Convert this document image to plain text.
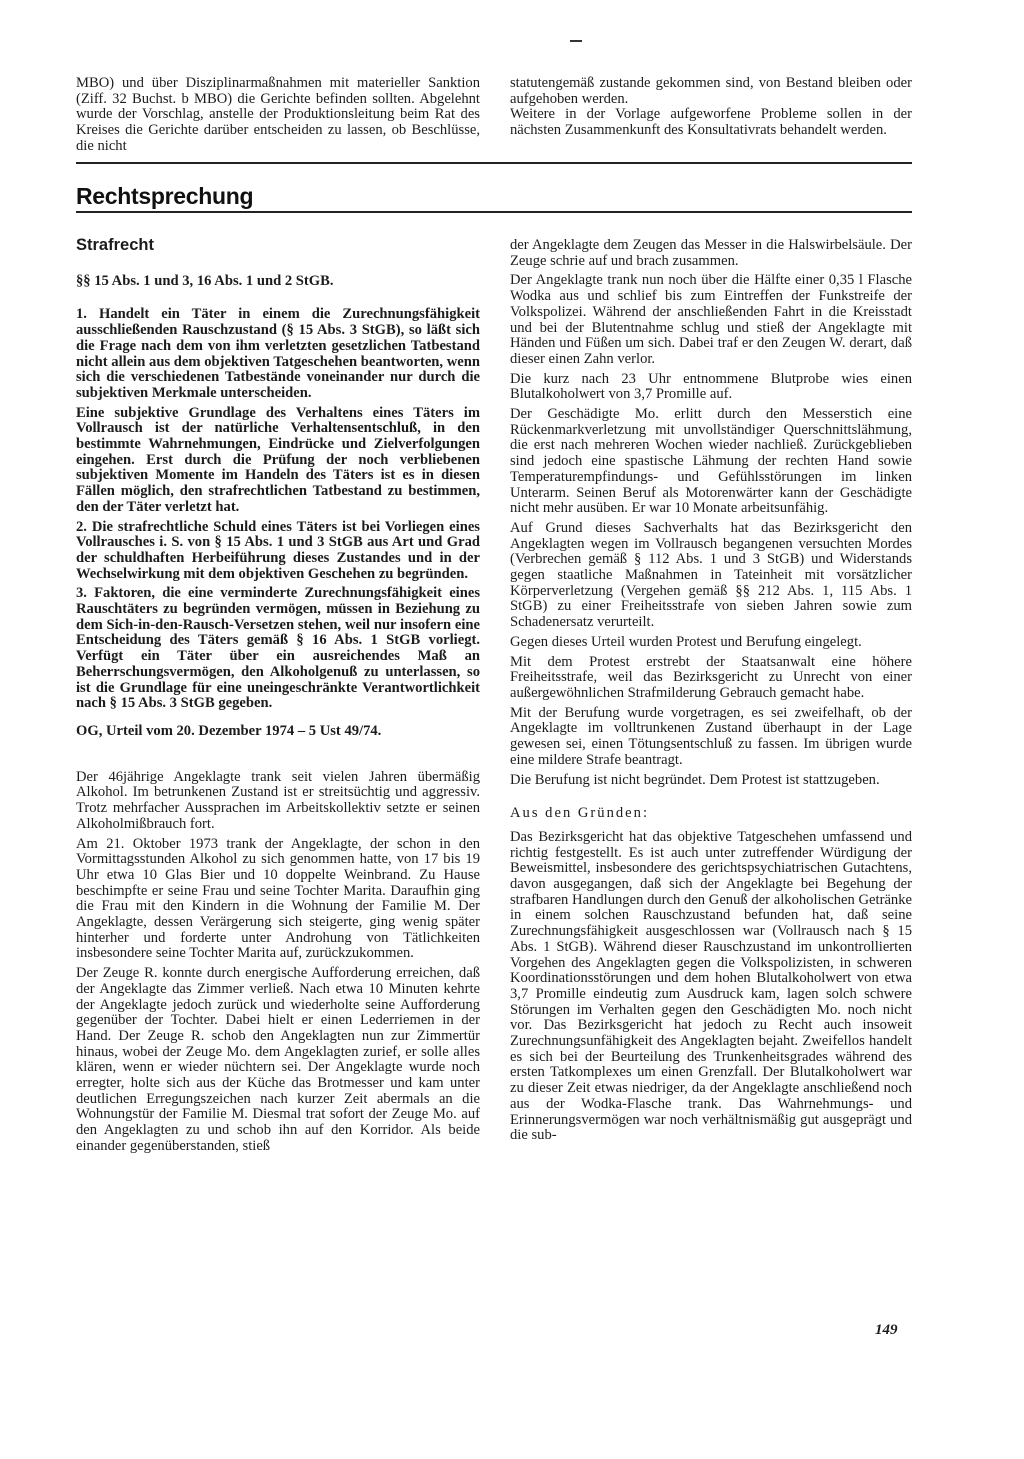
MBO) und über Disziplinarmaßnahmen mit materieller Sanktion (Ziff. 32 Buchst. b MBO) die Gerichte befinden sollten. Abgelehnt wurde der Vorschlag, anstelle der Produktionsleitung beim Rat des Kreises die Gerichte darüber entscheiden zu lassen, ob Beschlüsse, die nicht

statutengemäß zustande gekommen sind, von Bestand bleiben oder aufgehoben werden.

Weitere in der Vorlage aufgeworfene Probleme sollen in der nächsten Zusammenkunft des Konsultativrats behandelt werden.

Rechtsprechung
Strafrecht

§§ 15 Abs. 1 und 3, 16 Abs. 1 und 2 StGB.

1. Handelt ein Täter in einem die Zurechnungsfähigkeit ausschließenden Rauschzustand (§ 15 Abs. 3 StGB), so läßt sich die Frage nach dem von ihm verletzten gesetzlichen Tatbestand nicht allein aus dem objektiven Tatgeschehen beantworten, wenn sich die verschiedenen Tatbestände voneinander nur durch die subjektiven Merkmale unterscheiden.

Eine subjektive Grundlage des Verhaltens eines Täters im Vollrausch ist der natürliche Verhaltensentschluß, in den bestimmte Wahrnehmungen, Eindrücke und Zielverfolgungen eingehen. Erst durch die Prüfung der noch verbliebenen subjektiven Momente im Handeln des Täters ist es in diesen Fällen möglich, den strafrechtlichen Tatbestand zu bestimmen, den der Täter verletzt hat.

2. Die strafrechtliche Schuld eines Täters ist bei Vorliegen eines Vollrausches i. S. von § 15 Abs. 1 und 3 StGB aus Art und Grad der schuldhaften Herbeiführung dieses Zustandes und in der Wechselwirkung mit dem objektiven Geschehen zu begründen.

3. Faktoren, die eine verminderte Zurechnungsfähigkeit eines Rauschtäters zu begründen vermögen, müssen in Beziehung zu dem Sich-in-den-Rausch-Versetzen stehen, weil nur insofern eine Entscheidung des Täters gemäß § 16 Abs. 1 StGB vorliegt. Verfügt ein Täter über ein ausreichendes Maß an Beherrschungsvermögen, den Alkoholgenuß zu unterlassen, so ist die Grundlage für eine uneingeschränkte Verantwortlichkeit nach § 15 Abs. 3 StGB gegeben.

OG, Urteil vom 20. Dezember 1974 – 5 Ust 49/74.

Der 46jährige Angeklagte trank seit vielen Jahren übermäßig Alkohol. Im betrunkenen Zustand ist er streitsüchtig und aggressiv. Trotz mehrfacher Aussprachen im Arbeitskollektiv setzte er seinen Alkoholmißbrauch fort.

Am 21. Oktober 1973 trank der Angeklagte, der schon in den Vormittagsstunden Alkohol zu sich genommen hatte, von 17 bis 19 Uhr etwa 10 Glas Bier und 10 doppelte Weinbrand. Zu Hause beschimpfte er seine Frau und seine Tochter Marita. Daraufhin ging die Frau mit den Kindern in die Wohnung der Familie M. Der Angeklagte, dessen Verärgerung sich steigerte, ging wenig später hinterher und forderte unter Androhung von Tätlichkeiten insbesondere seine Tochter Marita auf, zurückzukommen.

Der Zeuge R. konnte durch energische Aufforderung erreichen, daß der Angeklagte das Zimmer verließ. Nach etwa 10 Minuten kehrte der Angeklagte jedoch zurück und wiederholte seine Aufforderung gegenüber der Tochter. Dabei hielt er einen Lederriemen in der Hand. Der Zeuge R. schob den Angeklagten nun zur Zimmertür hinaus, wobei der Zeuge Mo. dem Angeklagten zurief, er solle alles klären, wenn er wieder nüchtern sei. Der Angeklagte wurde noch erregter, holte sich aus der Küche das Brotmesser und kam unter deutlichen Erregungszeichen nach kurzer Zeit abermals an die Wohnungstür der Familie M. Diesmal trat sofort der Zeuge Mo. auf den Angeklagten zu und schob ihn auf den Korridor. Als beide einander gegenüberstanden, stieß

der Angeklagte dem Zeugen das Messer in die Halswirbelsäule. Der Zeuge schrie auf und brach zusammen.

Der Angeklagte trank nun noch über die Hälfte einer 0,35 l Flasche Wodka aus und schlief bis zum Eintreffen der Funkstreife der Volkspolizei. Während der anschließenden Fahrt in die Kreisstadt und bei der Blutentnahme schlug und stieß der Angeklagte mit Händen und Füßen um sich. Dabei traf er den Zeugen W. derart, daß dieser einen Zahn verlor.

Die kurz nach 23 Uhr entnommene Blutprobe wies einen Blutalkoholwert von 3,7 Promille auf.

Der Geschädigte Mo. erlitt durch den Messerstich eine Rückenmarkverletzung mit unvollständiger Querschnittslähmung, die erst nach mehreren Wochen wieder nachließ. Zurückgeblieben sind jedoch eine spastische Lähmung der rechten Hand sowie Temperaturempfindungs- und Gefühlsstörungen im linken Unterarm. Seinen Beruf als Motorenwärter kann der Geschädigte nicht mehr ausüben. Er war 10 Monate arbeitsunfähig.

Auf Grund dieses Sachverhalts hat das Bezirksgericht den Angeklagten wegen im Vollrausch begangenen versuchten Mordes (Verbrechen gemäß § 112 Abs. 1 und 3 StGB) und Widerstands gegen staatliche Maßnahmen in Tateinheit mit vorsätzlicher Körperverletzung (Vergehen gemäß §§ 212 Abs. 1, 115 Abs. 1 StGB) zu einer Freiheitsstrafe von sieben Jahren sowie zum Schadenersatz verurteilt.

Gegen dieses Urteil wurden Protest und Berufung eingelegt.

Mit dem Protest erstrebt der Staatsanwalt eine höhere Freiheitsstrafe, weil das Bezirksgericht zu Unrecht von einer außergewöhnlichen Strafmilderung Gebrauch gemacht habe.

Mit der Berufung wurde vorgetragen, es sei zweifelhaft, ob der Angeklagte im volltrunkenen Zustand überhaupt in der Lage gewesen sei, einen Tötungsentschluß zu fassen. Im übrigen wurde eine mildere Strafe beantragt.

Die Berufung ist nicht begründet. Dem Protest ist stattzugeben.

Aus den Gründen:

Das Bezirksgericht hat das objektive Tatgeschehen umfassend und richtig festgestellt. Es ist auch unter zutreffender Würdigung der Beweismittel, insbesondere des gerichtspsychiatrischen Gutachtens, davon ausgegangen, daß sich der Angeklagte bei Begehung der strafbaren Handlungen durch den Genuß der alkoholischen Getränke in einem solchen Rauschzustand befunden hat, daß seine Zurechnungsfähigkeit ausgeschlossen war (Vollrausch nach § 15 Abs. 1 StGB). Während dieser Rauschzustand im unkontrollierten Vorgehen des Angeklagten gegen die Volkspolizisten, in schweren Koordinationsstörungen und dem hohen Blutalkoholwert von etwa 3,7 Promille eindeutig zum Ausdruck kam, lagen solch schwere Störungen im Verhalten gegen den Geschädigten Mo. noch nicht vor. Das Bezirksgericht hat jedoch zu Recht auch insoweit Zurechnungsunfähigkeit des Angeklagten bejaht. Zweifellos handelt es sich bei der Beurteilung des Trunkenheitsgrades während des ersten Tatkomplexes um einen Grenzfall. Der Blutalkoholwert war zu dieser Zeit etwas niedriger, da der Angeklagte anschließend noch aus der Wodka-Flasche trank. Das Wahrnehmungs- und Erinnerungsvermögen war noch verhältnismäßig gut ausgeprägt und die sub-

149
